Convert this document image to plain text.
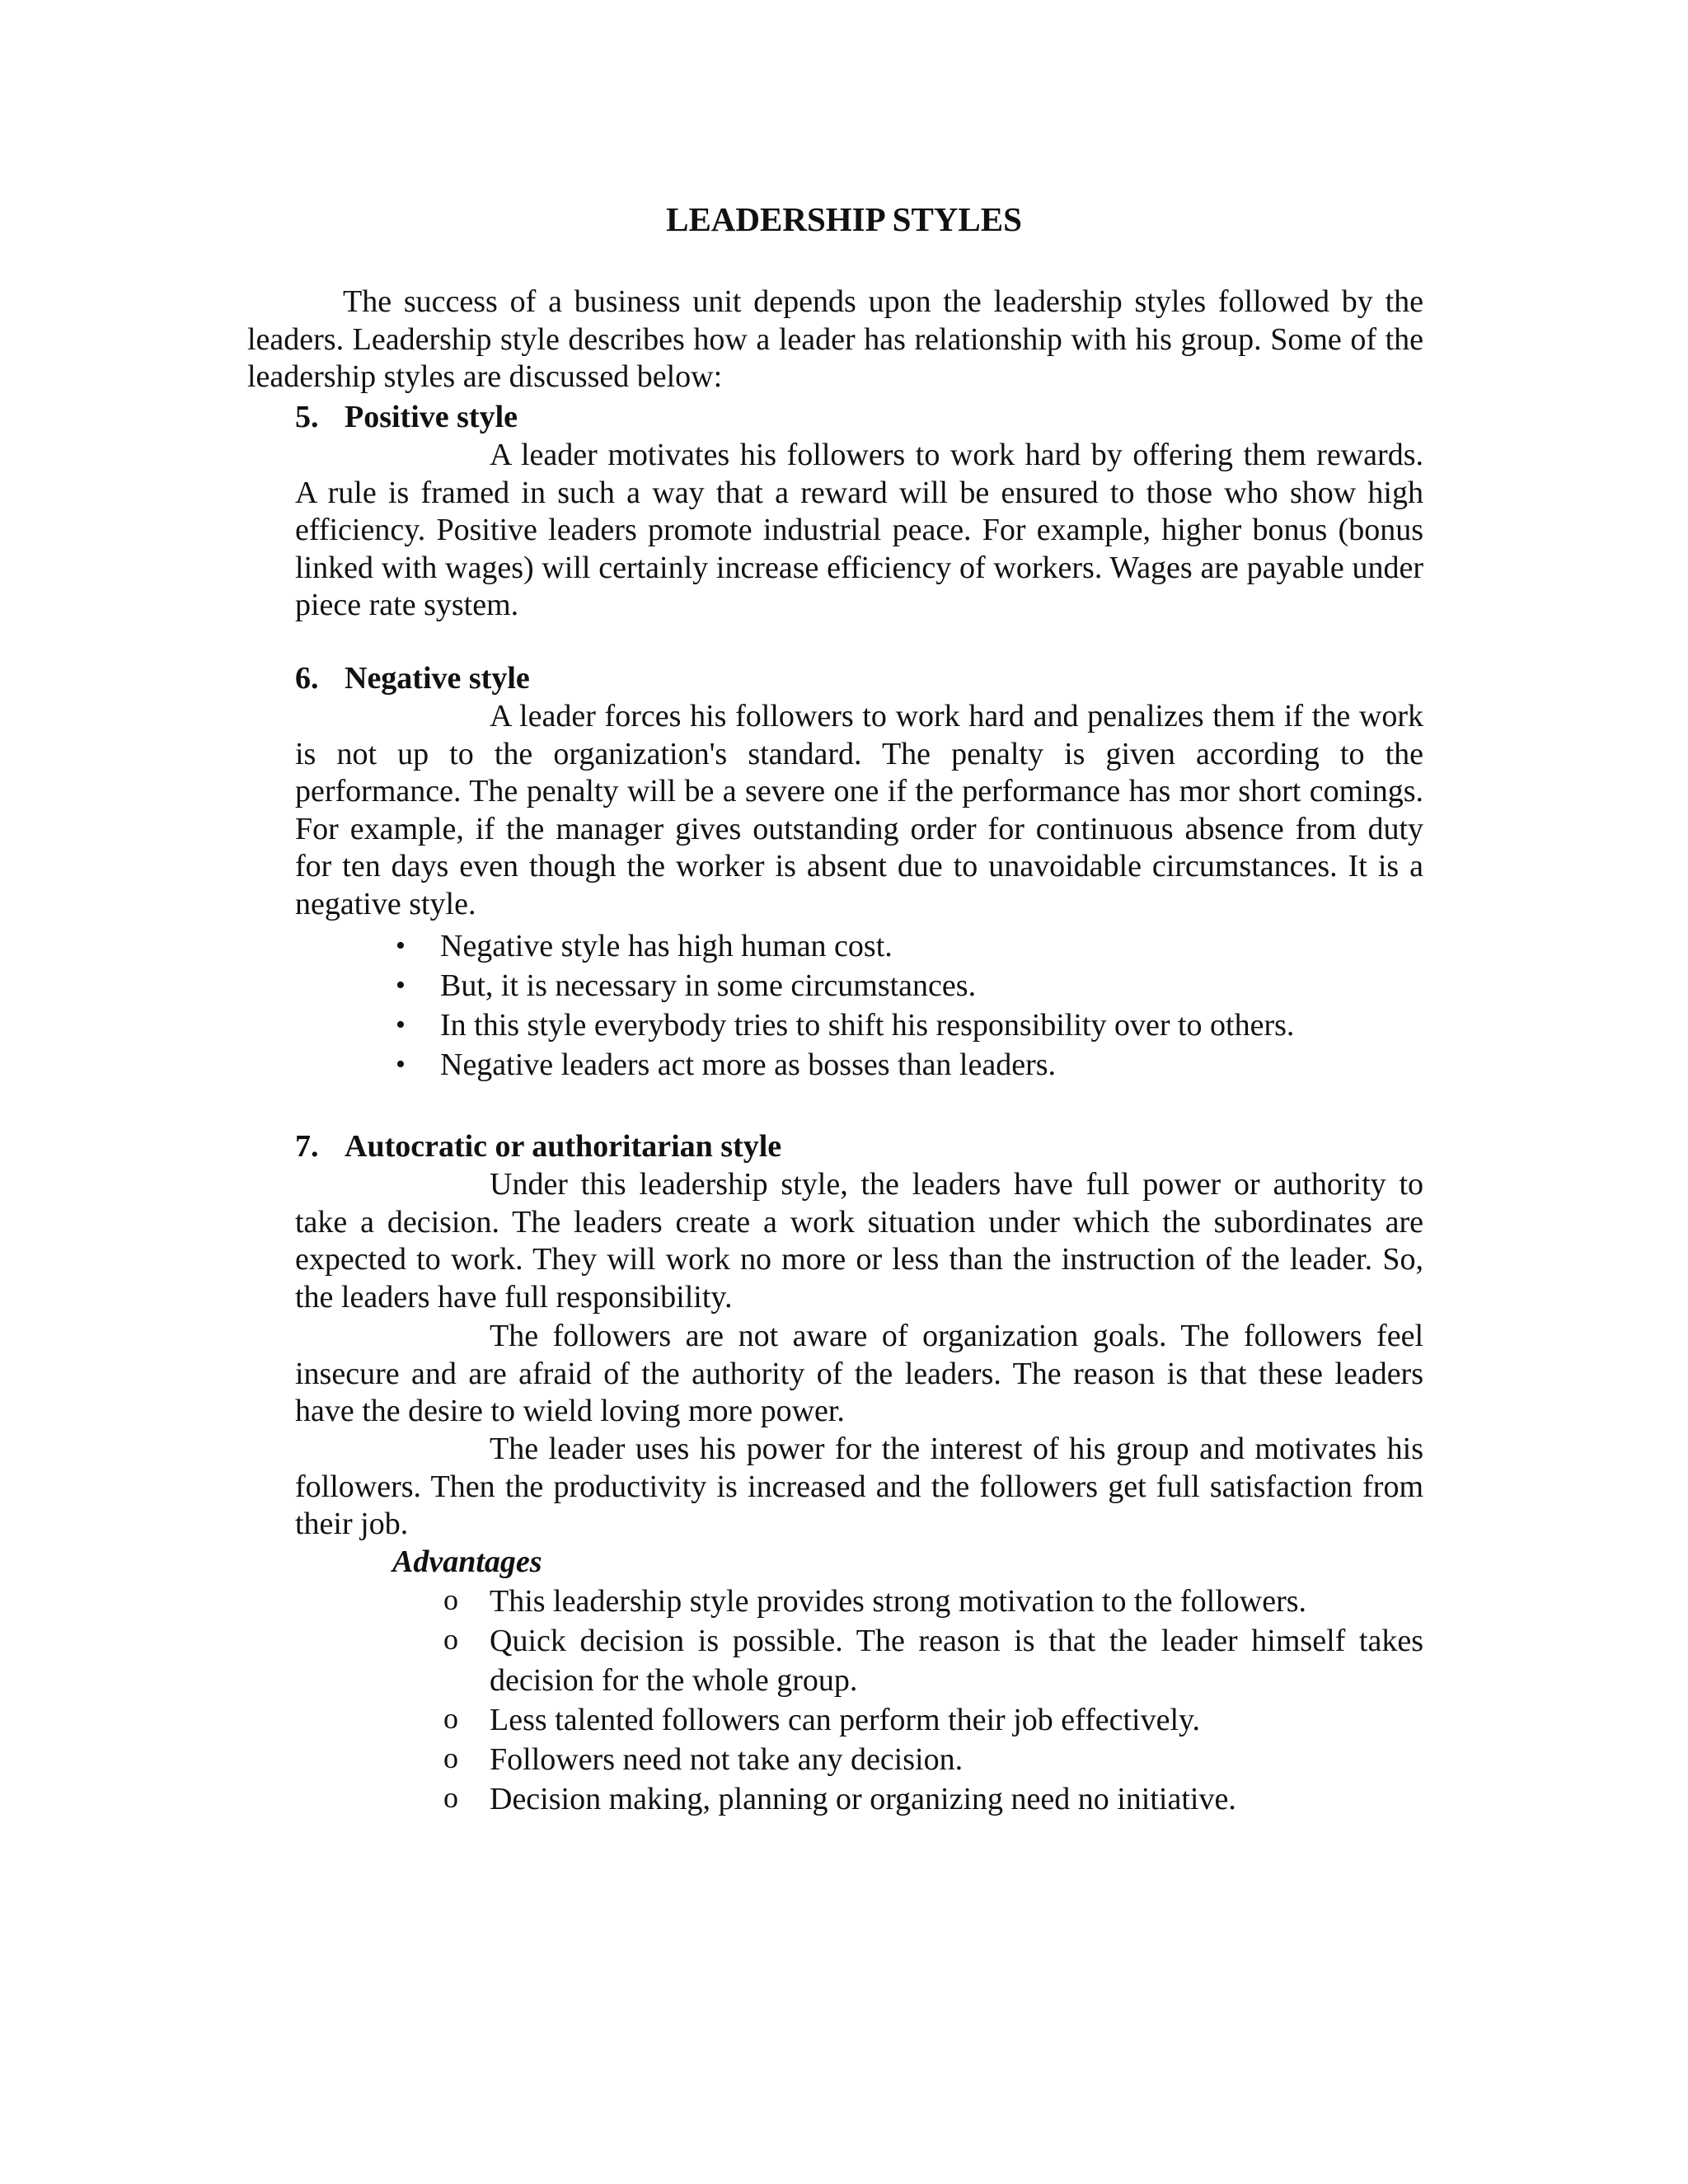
LEADERSHIP STYLES

The success of a business unit depends upon the leadership styles followed by the leaders. Leadership style describes how a leader has relationship with his group. Some of the leadership styles are discussed below:

5. Positive style

A leader motivates his followers to work hard by offering them rewards. A rule is framed in such a way that a reward will be ensured to those who show high efficiency. Positive leaders promote industrial peace. For example, higher bonus (bonus linked with wages) will certainly increase efficiency of workers. Wages are payable under piece rate system.

6. Negative style

A leader forces his followers to work hard and penalizes them if the work is not up to the organization's standard. The penalty is given according to the performance. The penalty will be a severe one if the performance has mor short comings. For example, if the manager gives outstanding order for continuous absence from duty for ten days even though the worker is absent due to unavoidable circumstances. It is a negative style.

• Negative style has high human cost.
• But, it is necessary in some circumstances.
• In this style everybody tries to shift his responsibility over to others.
• Negative leaders act more as bosses than leaders.
7. Autocratic or authoritarian style

Under this leadership style, the leaders have full power or authority to take a decision. The leaders create a work situation under which the subordinates are expected to work. They will work no more or less than the instruction of the leader. So, the leaders have full responsibility.

The followers are not aware of organization goals. The followers feel insecure and are afraid of the authority of the leaders. The reason is that these leaders have the desire to wield loving more power.

The leader uses his power for the interest of his group and motivates his followers. Then the productivity is increased and the followers get full satisfaction from their job.

Advantages
o This leadership style provides strong motivation to the followers.
o Quick decision is possible. The reason is that the leader himself takes decision for the whole group.
o Less talented followers can perform their job effectively.
o Followers need not take any decision.
o Decision making, planning or organizing need no initiative.
